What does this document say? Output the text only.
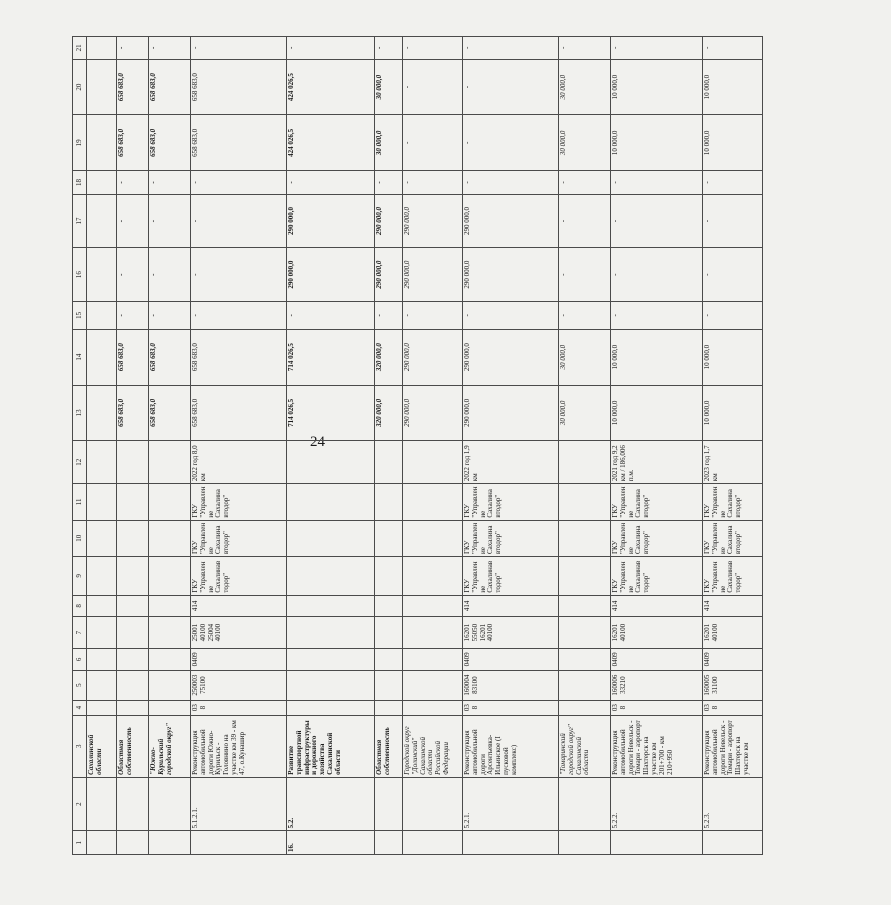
24
1	2	3	4	5	6	7	8	9	10	11	12	13	14	15	16	17	18	19	20	21
		Сахалинской области																		
		Областная собственность										658 683,0	658 683,0	-	-	-	-	658 683,0	658 683,0	-
		"Южно-Курильский городской округ"										658 683,0	658 683,0	-	-	-	-	658 683,0	658 683,0	-
	5.1.2.1.	Реконструкция автомобильной дороги Южно-Курильск - Головнино на участке км 39 - км 47, о.Кунашир	038	250003 75100	0409	25001 40100 25004 40100	414	ГКУ "Управление Сахалинавтодор"	ГКУ "Управление Сахалинавтодор"	ГКУ "Управление Сахалинавтодор"	2022 год 8,0 км	658 683,0	658 683,0	-	-	-	-	658 683,0	658 683,0	-
16.	5.2.	Развитие транспортной инфраструктуры и дорожного хозяйства Сахалинской области										714 026,5	714 026,5	-	290 000,0	290 000,0	-	424 026,5	424 026,5	-
		Областная собственность										320 000,0	320 000,0	-	290 000,0	290 000,0	-	30 000,0	30 000,0	-
		Городской округ "Долинский" Сахалинской области Российской Федерации										290 000,0	290 000,0	-	290 000,0	290 000,0	-	-	-	-
	5.2.1.	Реконструкция автомобильной дороги Арсентьевка-Ильинское (I пусковой комплекс)	038	160004 83100	0409	16201 55050 16201 40100	414	ГКУ "Управление Сахалинавтодор"	ГКУ "Управление Сахалинавтодор"	ГКУ "Управление Сахалинавтодор"	2022 год 1,9 км	290 000,0	290 000,0	-	290 000,0	290 000,0	-	-	-	-
		"Томаринский городской округ" Сахалинской области										30 000,0	30 000,0	-	-	-	-	30 000,0	30 000,0	-
	5.2.2.	Реконструкция автомобильной дороги Невельск - Томари - аэропорт Шахтерск на участке км 201+700 - км 210+950	038	160006 33210	0409	16201 40100	414	ГКУ "Управление Сахалинавтодор"	ГКУ "Управление Сахалинавтодор"	ГКУ "Управление Сахалинавтодор"	2021 год 9,2 км / 186,006 п.м.	10 000,0	10 000,0	-	-	-	-	10 000,0	10 000,0	-
	5.2.3.	Реконструкция автомобильной дороги Невельск - Томари - аэропорт Шахтерск на участке км	038	160005 31100	0409	16201 40100	414	ГКУ "Управление Сахалинавтодор"	ГКУ "Управление Сахалинавтодор"	ГКУ "Управление Сахалинавтодор"	2023 год 1,7 км	10 000,0	10 000,0	-	-	-	-	10 000,0	10 000,0	-
